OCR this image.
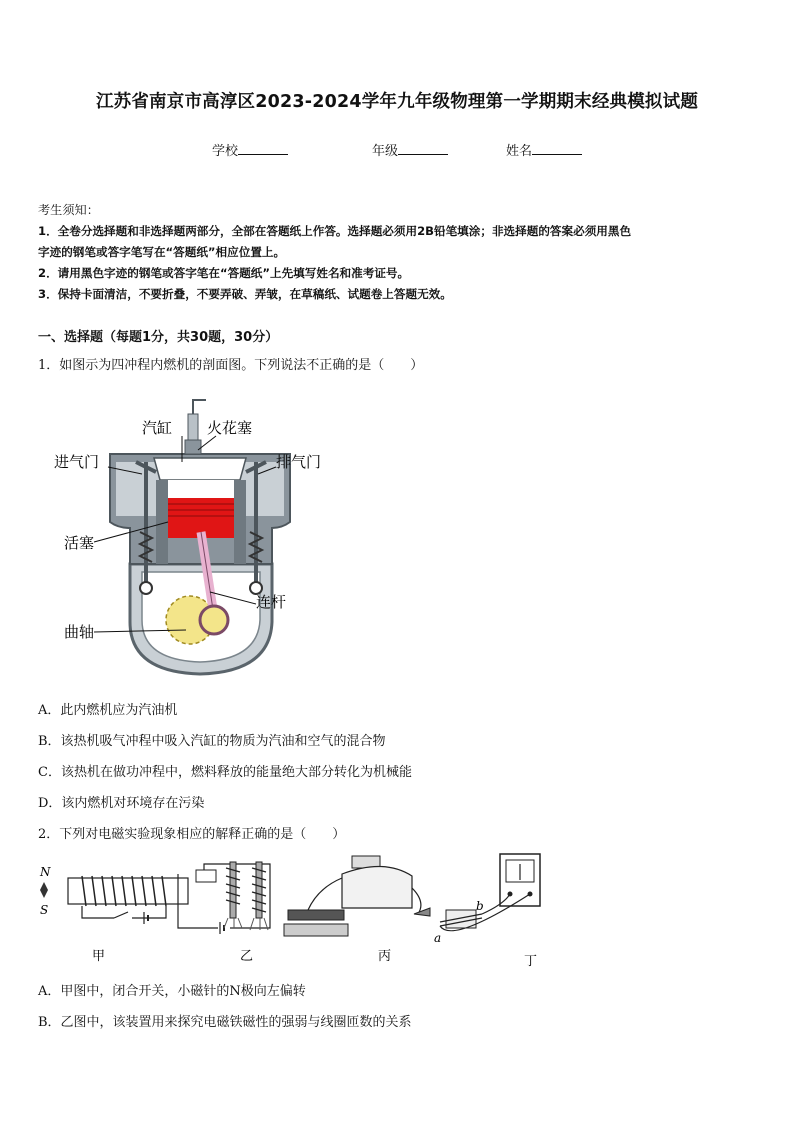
江苏省南京市高淳区2023-2024学年九年级物理第一学期期末经典模拟试题
学校	年级	姓名
考生须知：
1．全卷分选择题和非选择题两部分，全部在答题纸上作答。选择题必须用2B铅笔填涂；非选择题的答案必须用黑色
字迹的钢笔或答字笔写在“答题纸”相应位置上。
2．请用黑色字迹的钢笔或答字笔在“答题纸”上先填写姓名和准考证号。
3．保持卡面清洁，不要折叠，不要弄破、弄皱，在草稿纸、试题卷上答题无效。
一、选择题（每题1分，共30题，30分）
1．如图示为四冲程内燃机的剖面图。下列说法不正确的是（　　）
汽缸 火花塞
进气门	排气门
活塞
连杆
曲轴
A．此内燃机应为汽油机
B．该热机吸气冲程中吸入汽缸的物质为汽油和空气的混合物
C．该热机在做功冲程中，燃料释放的能量绝大部分转化为机械能
D．该内燃机对环境存在污染
2．下列对电磁实验现象相应的解释正确的是（　　）
N
S
甲	乙	丙
a
b
丁
A．甲图中，闭合开关，小磁针的N极向左偏转
B．乙图中，该装置用来探究电磁铁磁性的强弱与线圈匝数的关系
